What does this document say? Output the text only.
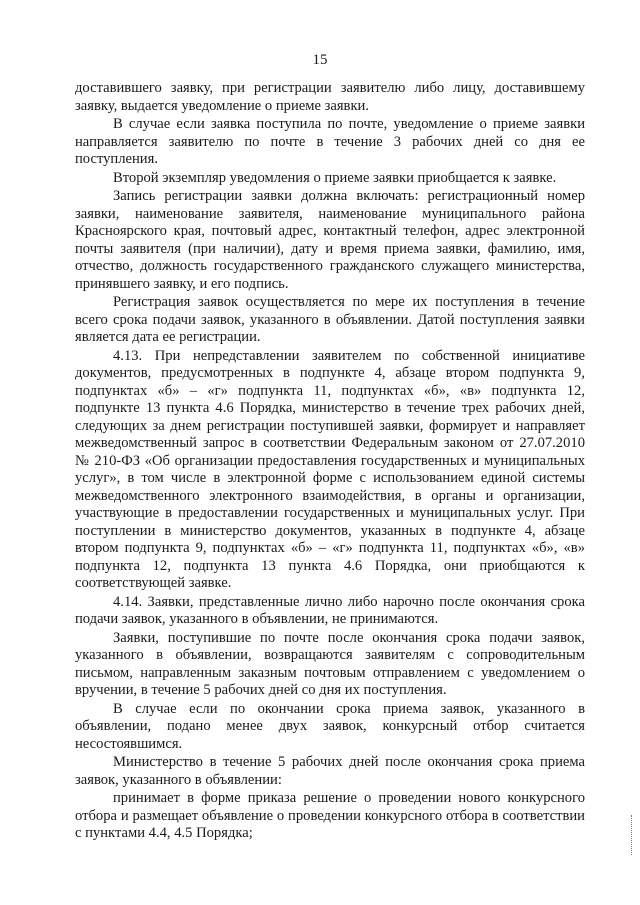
15

доставившего заявку, при регистрации заявителю либо лицу, доставившему заявку, выдается уведомление о приеме заявки.

В случае если заявка поступила по почте, уведомление о приеме заявки направляется заявителю по почте в течение 3 рабочих дней со дня ее поступления.

Второй экземпляр уведомления о приеме заявки приобщается к заявке.

Запись регистрации заявки должна включать: регистрационный номер заявки, наименование заявителя, наименование муниципального района Красноярского края, почтовый адрес, контактный телефон, адрес электронной почты заявителя (при наличии), дату и время приема заявки, фамилию, имя, отчество, должность государственного гражданского служащего министерства, принявшего заявку, и его подпись.

Регистрация заявок осуществляется по мере их поступления в течение всего срока подачи заявок, указанного в объявлении. Датой поступления заявки является дата ее регистрации.

4.13. При непредставлении заявителем по собственной инициативе документов, предусмотренных в подпункте 4, абзаце втором подпункта 9, подпунктах «б» – «г» подпункта 11, подпунктах «б», «в» подпункта 12, подпункте 13 пункта 4.6 Порядка, министерство в течение трех рабочих дней, следующих за днем регистрации поступившей заявки, формирует и направляет межведомственный запрос в соответствии Федеральным законом от 27.07.2010 № 210-ФЗ «Об организации предоставления государственных и муниципальных услуг», в том числе в электронной форме с использованием единой системы межведомственного электронного взаимодействия, в органы и организации, участвующие в предоставлении государственных и муниципальных услуг. При поступлении в министерство документов, указанных в подпункте 4, абзаце втором подпункта 9, подпунктах «б» – «г» подпункта 11, подпунктах «б», «в» подпункта 12, подпункта 13 пункта 4.6 Порядка, они приобщаются к соответствующей заявке.

4.14. Заявки, представленные лично либо нарочно после окончания срока подачи заявок, указанного в объявлении, не принимаются.

Заявки, поступившие по почте после окончания срока подачи заявок, указанного в объявлении, возвращаются заявителям с сопроводительным письмом, направленным заказным почтовым отправлением с уведомлением о вручении, в течение 5 рабочих дней со дня их поступления.

В случае если по окончании срока приема заявок, указанного в объявлении, подано менее двух заявок, конкурсный отбор считается несостоявшимся.

Министерство в течение 5 рабочих дней после окончания срока приема заявок, указанного в объявлении:

принимает в форме приказа решение о проведении нового конкурсного отбора и размещает объявление о проведении конкурсного отбора в соответствии с пунктами 4.4, 4.5 Порядка;
